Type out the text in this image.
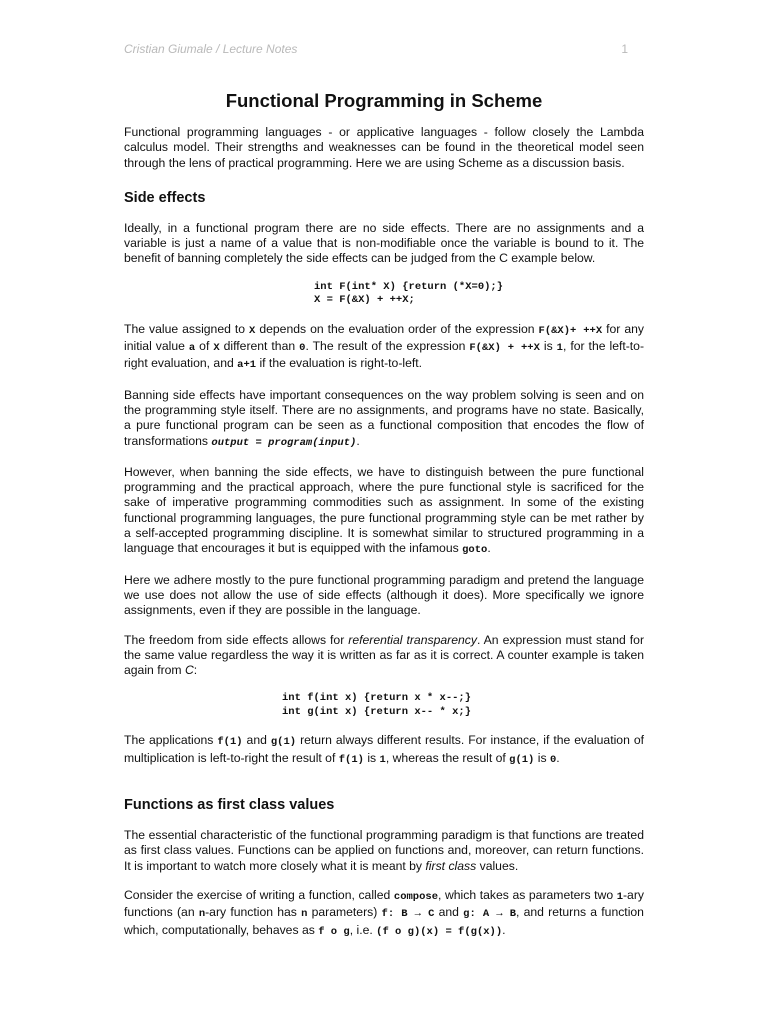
Cristian Giumale / Lecture Notes	1
Functional Programming in Scheme

Functional programming languages - or applicative languages - follow closely the Lambda calculus model. Their strengths and weaknesses can be found in the theoretical model seen through the lens of practical programming. Here we are using Scheme as a discussion basis.

Side effects

Ideally, in a functional program there are no side effects. There are no assignments and a variable is just a name of a value that is non-modifiable once the variable is bound to it. The benefit of banning completely the side effects can be judged from the C example below.

int F(int* X) {return (*X=0);}
X = F(&X) + ++X;

The value assigned to X depends on the evaluation order of the expression F(&X)+ ++X for any initial value a of X different than 0. The result of the expression F(&X) + ++X is 1, for the left-to-right evaluation, and a+1 if the evaluation is right-to-left.

Banning side effects have important consequences on the way problem solving is seen and on the programming style itself. There are no assignments, and programs have no state. Basically, a pure functional program can be seen as a functional composition that encodes the flow of transformations output = program(input).

However, when banning the side effects, we have to distinguish between the pure functional programming and the practical approach, where the pure functional style is sacrificed for the sake of imperative programming commodities such as assignment. In some of the existing functional programming languages, the pure functional programming style can be met rather by a self-accepted programming discipline. It is somewhat similar to structured programming in a language that encourages it but is equipped with the infamous goto.

Here we adhere mostly to the pure functional programming paradigm and pretend the language we use does not allow the use of side effects (although it does). More specifically we ignore assignments, even if they are possible in the language.

The freedom from side effects allows for referential transparency. An expression must stand for the same value regardless the way it is written as far as it is correct. A counter example is taken again from C:

int f(int x) {return x * x--;}
int g(int x) {return x-- * x;}

The applications f(1) and g(1) return always different results. For instance, if the evaluation of multiplication is left-to-right the result of f(1) is 1, whereas the result of g(1) is 0.

Functions as first class values

The essential characteristic of the functional programming paradigm is that functions are treated as first class values. Functions can be applied on functions and, moreover, can return functions. It is important to watch more closely what it is meant by first class values.

Consider the exercise of writing a function, called compose, which takes as parameters two 1-ary functions (an n-ary function has n parameters) f: B → C and g: A → B, and returns a function which, computationally, behaves as f o g, i.e. (f o g)(x) = f(g(x)).
